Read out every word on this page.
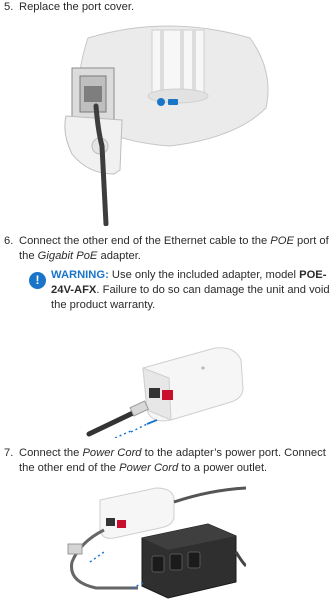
5. Replace the port cover.
6. Connect the other end of the Ethernet cable to the POE port of the Gigabit PoE adapter.
!	WARNING: Use only the included adapter, model POE-24V-AFX. Failure to do so can damage the unit and void the product warranty.
7. Connect the Power Cord to the adapter’s power port. Connect the other end of the Power Cord to a power outlet.
